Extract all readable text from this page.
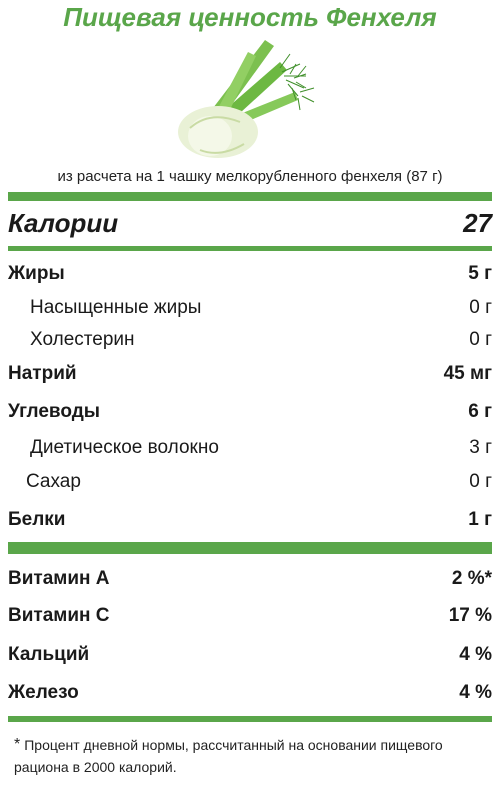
Пищевая ценность Фенхеля
из расчета на 1 чашку мелкорубленного фенхеля (87 г)
Калории	27
Жиры	5 г
Насыщенные жиры	0 г
Холестерин	0 г
Натрий	45 мг
Углеводы	6 г
Диетическое волокно	3 г
Сахар	0 г
Белки	1 г
Витамин А	2 %*
Витамин С	17 %
Кальций	4 %
Железо	4 %
* Процент дневной нормы, рассчитанный на основании пищевого рациона в 2000 калорий.
